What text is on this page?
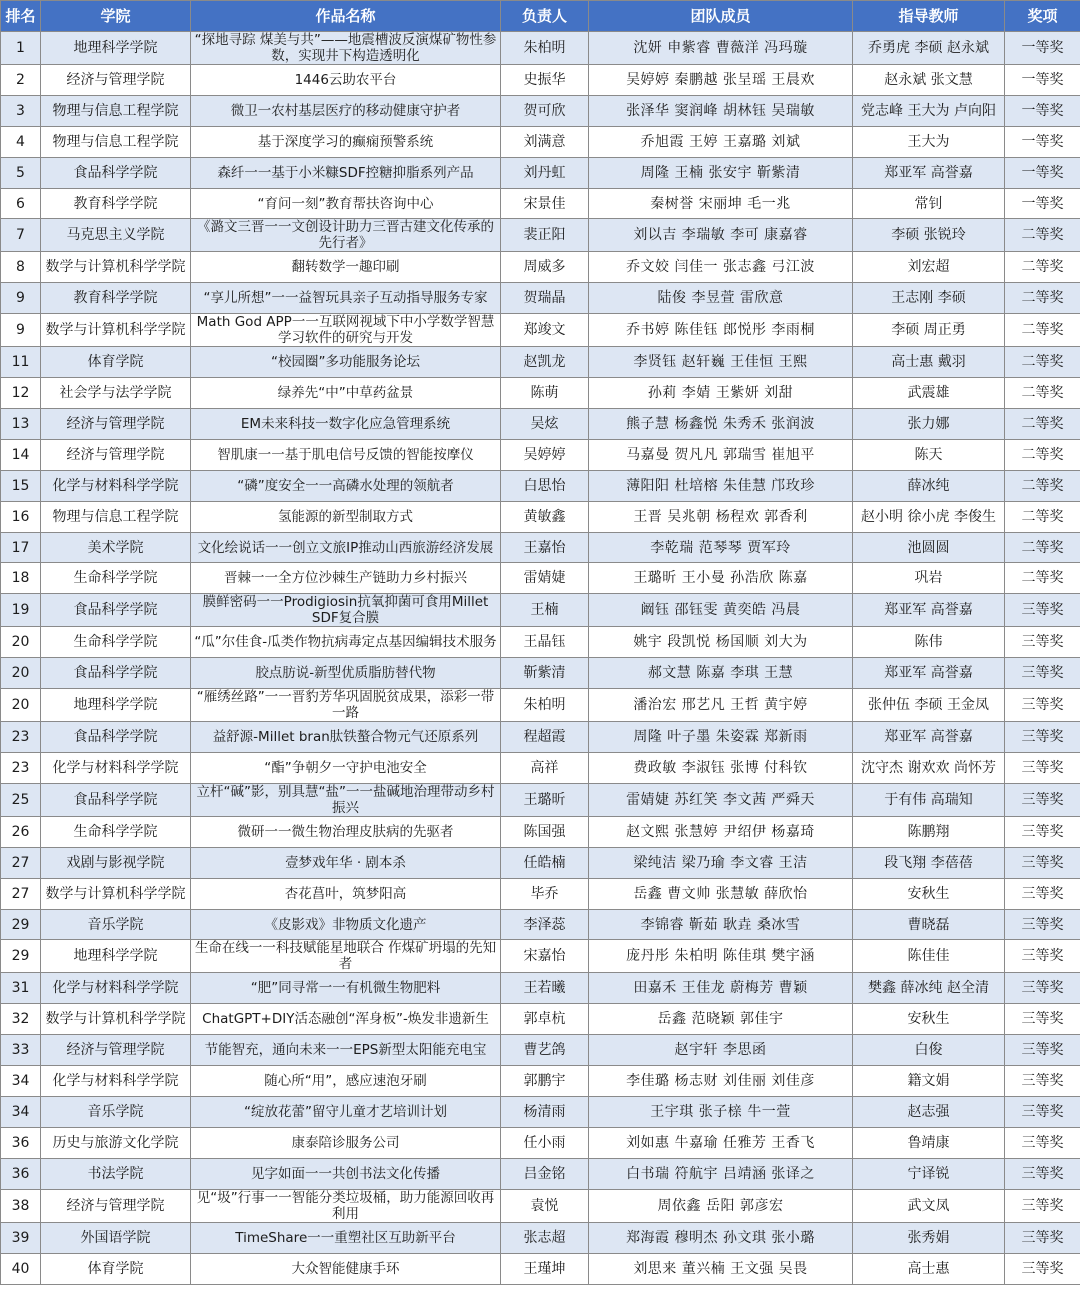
排名	学院	作品名称	负责人	团队成员	指导教师	奖项
1	地理科学学院	“探地寻踪 煤美与共”——地震槽波反演煤矿物性参数，实现井下构造透明化	朱柏明	沈妍 申紫睿 曹薇洋 冯玛璇	乔勇虎 李硕 赵永斌	一等奖
2	经济与管理学院	1446云助农平台	史振华	吴婷婷 秦鹏越 张呈瑶 王晨欢	赵永斌 张文慧	一等奖
3	物理与信息工程学院	微卫一农村基层医疗的移动健康守护者	贺可欣	张泽华 窦润峰 胡林钰 吴瑞敏	党志峰 王大为 卢向阳	一等奖
4	物理与信息工程学院	基于深度学习的癫痫预警系统	刘满意	乔旭霞 王婷 王嘉璐 刘斌	王大为	一等奖
5	食品科学学院	森纤一一基于小米糠SDF控糖抑脂系列产品	刘丹虹	周隆 王楠 张安宇 靳紫清	郑亚军 高誉嘉	一等奖
6	教育科学学院	“育问一刻”教育帮扶咨询中心	宋景佳	秦树誉 宋丽坤 毛一兆	常钊	一等奖
7	马克思主义学院	《潞文三晋一一文创设计助力三晋古建文化传承的先行者》	裴正阳	刘以吉 李瑞敏 李可 康嘉睿	李硕 张锐玲	二等奖
8	数学与计算机科学学院	翻转数学一趣印刷	周威多	乔文姣 闫佳一 张志鑫 弓江波	刘宏超	二等奖
9	教育科学学院	“享儿所想”一一益智玩具亲子互动指导服务专家	贺瑞晶	陆俊 李昱萱 雷欣意	王志刚 李硕	二等奖
9	数学与计算机科学学院	Math God APP一一互联网视域下中小学数学智慧学习软件的研究与开发	郑竣文	乔书婷 陈佳钰 郎悦彤 李雨桐	李硕 周正勇	二等奖
11	体育学院	“校园圈”多功能服务论坛	赵凯龙	李贤钰 赵轩巍 王佳恒 王熙	高士惠 戴羽	二等奖
12	社会学与法学学院	绿养先“中”中草药盆景	陈萌	孙莉 李婧 王紫妍 刘甜	武震雄	二等奖
13	经济与管理学院	EM未来科技一数字化应急管理系统	吴炫	熊子慧 杨鑫悦 朱秀禾 张润波	张力娜	二等奖
14	经济与管理学院	智肌康一一基于肌电信号反馈的智能按摩仪	吴婷婷	马嘉曼 贺凡凡 郭瑞雪 崔旭平	陈天	二等奖
15	化学与材料科学学院	“磷”度安全一一高磷水处理的领航者	白思怡	薄阳阳 杜培榕 朱佳慧 邝玫珍	薛冰纯	二等奖
16	物理与信息工程学院	氢能源的新型制取方式	黄敏鑫	王晋 吴兆朝 杨程欢 郭香利	赵小明 徐小虎 李俊生	二等奖
17	美术学院	文化绘说话一一创立文旅IP推动山西旅游经济发展	王嘉怡	李乾瑞 范琴琴 贾军玲	池圆圆	二等奖
18	生命科学学院	晋棘一一全方位沙棘生产链助力乡村振兴	雷婧婕	王璐昕 王小曼 孙浩欣 陈嘉	巩岩	二等奖
19	食品科学学院	膜鲜密码一一Prodigiosin抗氧抑菌可食用Millet SDF复合膜	王楠	阚钰 邵钰雯 黄奕皓 冯晨	郑亚军 高誉嘉	三等奖
20	生命科学学院	“瓜”尔佳食-瓜类作物抗病毒定点基因编辑技术服务	王晶钰	姚宇 段凯悦 杨国顺 刘大为	陈伟	三等奖
20	食品科学学院	胶点肪说-新型优质脂肪替代物	靳紫清	郝文慧 陈嘉 李琪 王慧	郑亚军 高誉嘉	三等奖
20	地理科学学院	“雁绣丝路”一一晋豹芳华巩固脱贫成果，添彩一带一路	朱柏明	潘治宏 邢艺凡 王哲 黄宇婷	张仲伍 李硕 王金凤	三等奖
23	食品科学学院	益舒源-Millet bran肽铁螯合物元气还原系列	程超霞	周隆 叶子墨 朱姿霖 郑新雨	郑亚军 高誉嘉	三等奖
23	化学与材料科学学院	“酯”争朝夕一守护电池安全	高祥	费政敏 李淑钰 张博 付科钦	沈守杰 谢欢欢 尚怀芳	三等奖
25	食品科学学院	立杆“碱”影，别具慧“盐”一一盐碱地治理带动乡村振兴	王璐昕	雷婧婕 苏红笑 李文茜 严舜天	于有伟 高瑞知	三等奖
26	生命科学学院	微研一一微生物治理皮肤病的先驱者	陈国强	赵文熙 张慧婷 尹绍伊 杨嘉琦	陈鹏翔	三等奖
27	戏剧与影视学院	壹梦戏年华 · 剧本杀	任皓楠	梁纯洁 梁乃瑜 李文睿 王洁	段飞翔 李蓓蓓	三等奖
27	数学与计算机科学学院	杏花菖叶，筑梦阳高	毕乔	岳鑫 曹文帅 张慧敏 薛欣怡	安秋生	三等奖
29	音乐学院	《皮影戏》非物质文化遗产	李泽蕊	李锦睿 靳茹 耿垚 桑冰雪	曹晓磊	三等奖
29	地理科学学院	生命在线一一科技赋能星地联合 作煤矿坍塌的先知者	宋嘉怡	庞丹彤 朱柏明 陈佳琪 樊宇涵	陈佳佳	三等奖
31	化学与材料科学学院	“肥”同寻常一一有机微生物肥料	王若曦	田嘉禾 王佳龙 蔚梅芳 曹颖	樊鑫 薛冰纯 赵全清	三等奖
32	数学与计算机科学学院	ChatGPT+DIY活态融创“浑身板”-焕发非遗新生	郭卓杭	岳鑫 范晓颖 郭佳宇	安秋生	三等奖
33	经济与管理学院	节能智充，通向未来一一EPS新型太阳能充电宝	曹艺鸽	赵宇轩 李思函	白俊	三等奖
34	化学与材料科学学院	随心所“用”，感应速泡牙刷	郭鹏宇	李佳璐 杨志财 刘佳丽 刘佳彦	籍文娟	三等奖
34	音乐学院	“绽放花蕾”留守儿童才艺培训计划	杨清雨	王宇琪 张子榇 牛一萱	赵志强	三等奖
36	历史与旅游文化学院	康泰陪诊服务公司	任小雨	刘如惠 牛嘉瑜 任雅芳 王香飞	鲁靖康	三等奖
36	书法学院	见字如面一一共创书法文化传播	吕金铭	白书瑞 符航宇 吕靖涵 张译之	宁译锐	三等奖
38	经济与管理学院	见“圾”行事一一智能分类垃圾桶，助力能源回收再利用	袁悦	周依鑫 岳阳 郭彦宏	武文凤	三等奖
39	外国语学院	TimeShare一一重塑社区互助新平台	张志超	郑海霞 穆明杰 孙文琪 张小璐	张秀娟	三等奖
40	体育学院	大众智能健康手环	王瑾坤	刘思来 董兴楠 王文强 吴畏	高士惠	三等奖
